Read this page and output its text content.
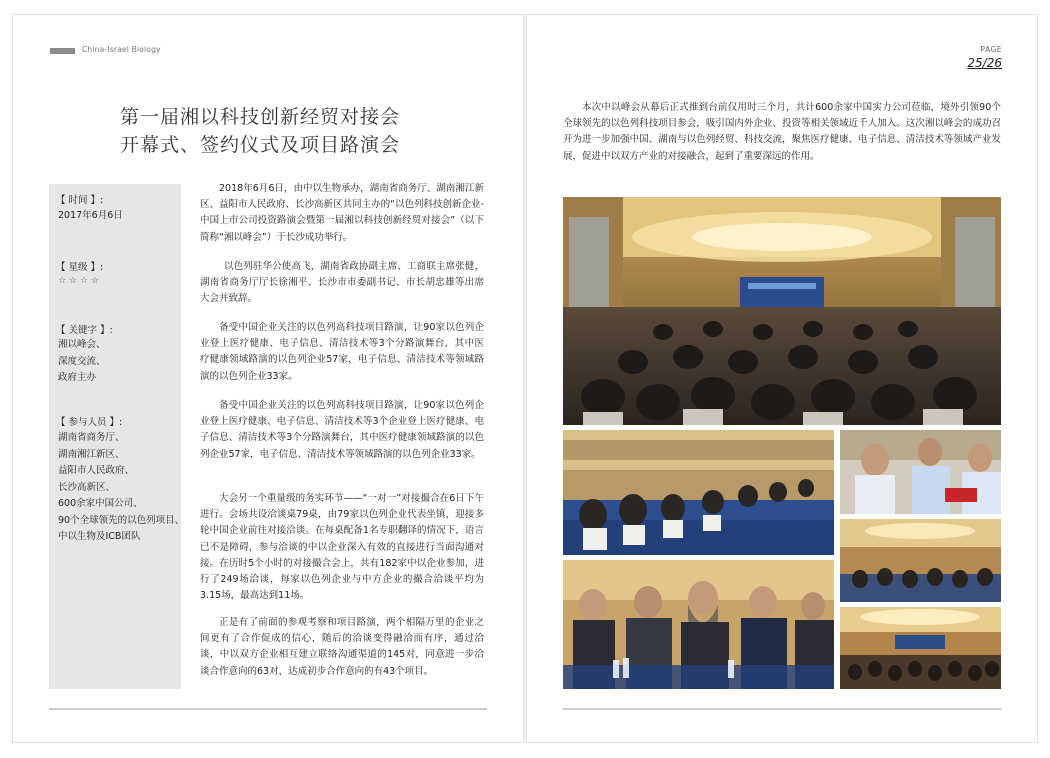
China-Israel Biology
第一届湘以科技创新经贸对接会
开幕式、签约仪式及项目路演会
【 时间 】:
2017年6月6日
【 星级 】:
☆ ☆ ☆ ☆
【 关键字 】:
湘以峰会、
深度交流、
政府主办
【 参与人员 】:
湖南省商务厅、
湖南湘江新区、
益阳市人民政府、
长沙高新区、
600余家中国公司、
90个全球领先的以色列项目、
中以生物及ICB团队

2018年6月6日，由中以生物承办，湖南省商务厅、湖南湘江新区、益阳市人民政府、长沙高新区共同主办的“以色列科技创新企业-中国上市公司投资路演会暨第一届湘以科技创新经贸对接会”（以下简称“湘以峰会”）于长沙成功举行。

以色列驻华公使高飞，湖南省政协副主席、工商联主席张健，湖南省商务厅厅长徐湘平、长沙市市委副书记、市长胡忠雄等出席大会并致辞。

备受中国企业关注的以色列高科技项目路演，让90家以色列企业登上医疗健康、电子信息、清洁技术等3个分路演舞台，其中医 疗健康领域路演的以色列企业57家，电子信息、清洁技术等领域路演的以色列企业33家。

备受中国企业关注的以色列高科技项目路演，让90家以色列企业登上医疗健康、电子信息、清洁技术等3个企业登上医疗健康、电子信息、清洁技术等3个分路演舞台，其中医疗健康领域路演的以色列企业57家，电子信息、清洁技术等领域路演的以色列企业33家。

大会另一个重量级的务实环节——“一对一”对接撮合在6日下午进行。会场共设洽谈桌79桌，由79家以色列企业代表坐镇，迎接多轮中国企业前往对接洽谈。在每桌配备1名专职翻译的情况下，语言已不是障碍，参与洽谈的中以企业深入有效的直接进行当面沟通对接。在历时5个小时的对接撮合会上，共有182家中以企业参加，进行了249场洽谈，每家以色列企业与中方企业的撮合洽谈平均为3.15场，最高达到11场。

正是有了前面的参观考察和项目路演，两个相隔万里的企业之间更有了合作促成的信心，随后的洽谈变得融洽而有序，通过洽谈，中以双方企业相互建立联络沟通渠道的145对，同意进一步洽谈合作意向的63对，达成初步合作意向的有43个项目。

PAGE
25/26

本次中以峰会从幕后正式推到台前仅用时三个月，共计600余家中国实力公司莅临，境外引领90个全球领先的以色列科技项目参会，吸引国内外企业、投资等相关领域近千人加入。这次湘以峰会的成功召开为进一步加强中国、湖南与以色列经贸、科技交流，聚焦医疗健康、电子信息、清洁技术等领域产业发展，促进中以双方产业的对接融合，起到了重要深远的作用。
